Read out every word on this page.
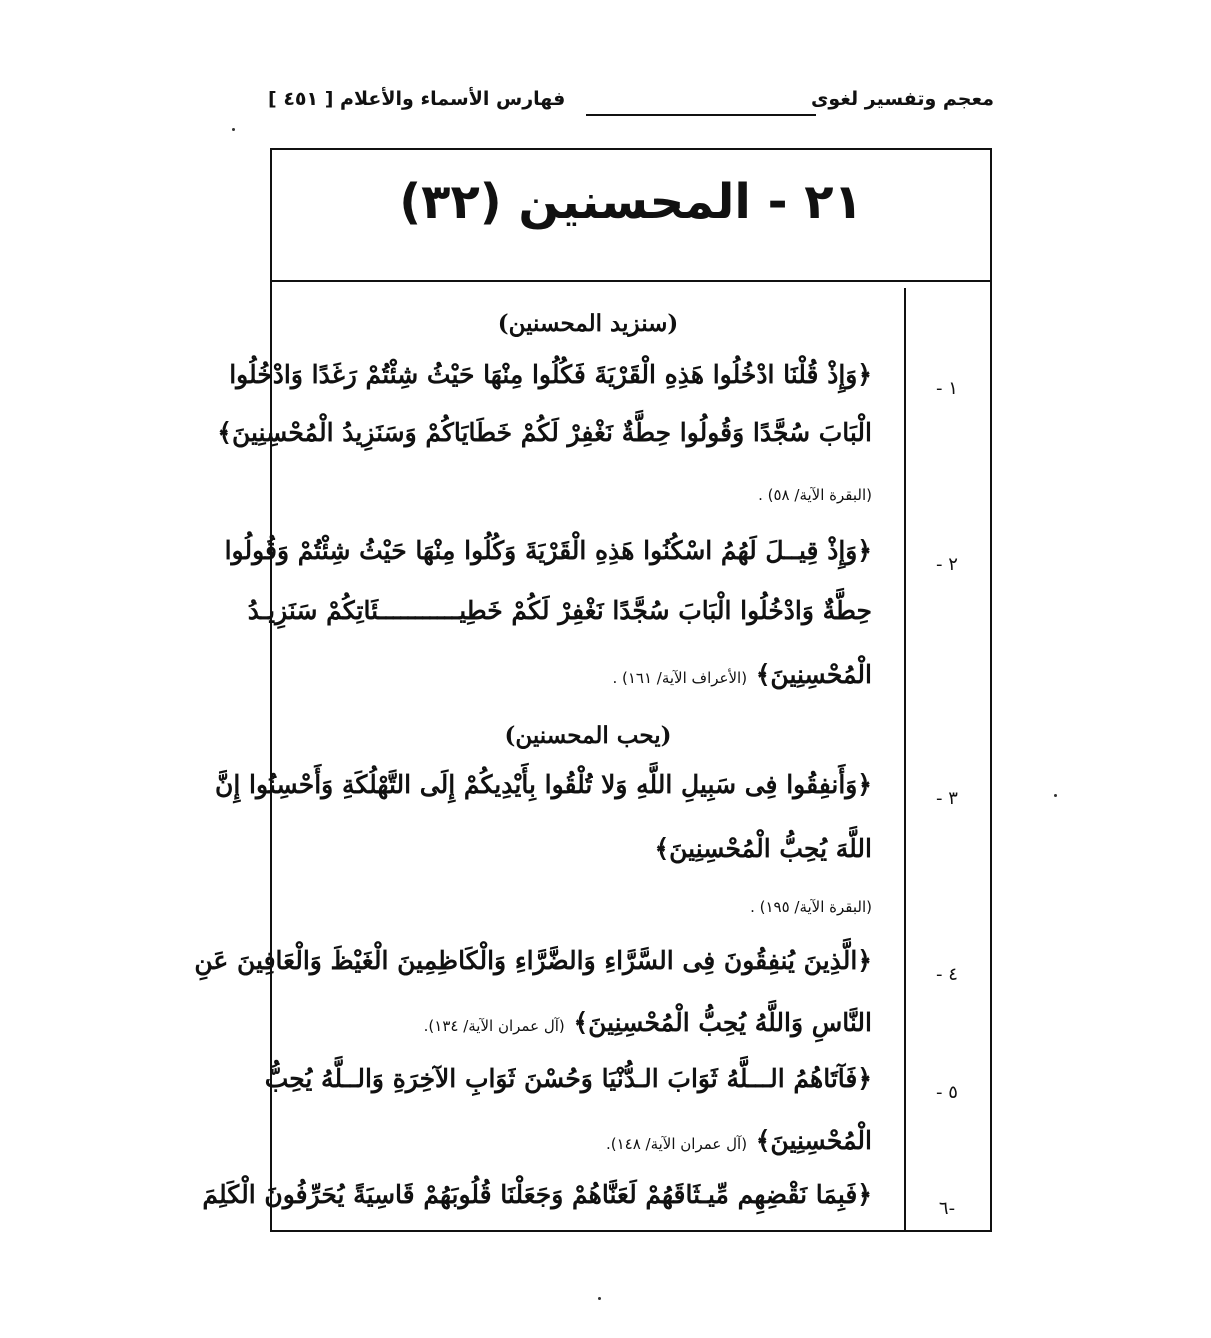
معجم وتفسير لغوى
فهارس الأسماء والأعلام [ ٤٥١ ]
٢١ - المحسنين (٣٢)
(سنزيد المحسنين)
١ -
﴿وَإِذْ قُلْنَا ادْخُلُوا هَذِهِ الْقَرْيَةَ فَكُلُوا مِنْهَا حَيْثُ شِئْتُمْ رَغَدًا وَادْخُلُوا
الْبَابَ سُجَّدًا وَقُولُوا حِطَّةٌ نَغْفِرْ لَكُمْ خَطَايَاكُمْ وَسَنَزِيدُ الْمُحْسِنِينَ﴾
(البقرة الآية/ ٥٨) .
٢ -
﴿وَإِذْ قِيــلَ لَهُمُ اسْكُنُوا هَذِهِ الْقَرْيَةَ وَكُلُوا مِنْهَا حَيْثُ شِئْتُمْ وَقُولُوا
حِطَّةٌ وَادْخُلُوا الْبَابَ سُجَّدًا نَغْفِرْ لَكُمْ خَطِيـــــــــــئَاتِكُمْ سَنَزِيـدُ
الْمُحْسِنِينَ﴾ (الأعراف الآية/ ١٦١) .
(يحب المحسنين)
٣ -
﴿وَأَنفِقُوا فِى سَبِيلِ اللَّهِ وَلا تُلْقُوا بِأَيْدِيكُمْ إِلَى التَّهْلُكَةِ وَأَحْسِنُوا إِنَّ
اللَّهَ يُحِبُّ الْمُحْسِنِينَ﴾
(البقرة الآية/ ١٩٥) .
٤ -
﴿الَّذِينَ يُنفِقُونَ فِى السَّرَّاءِ وَالضَّرَّاءِ وَالْكَاظِمِينَ الْغَيْظَ وَالْعَافِينَ عَنِ
النَّاسِ وَاللَّهُ يُحِبُّ الْمُحْسِنِينَ﴾ (آل عمران الآية/ ١٣٤).
٥ -
﴿فَآتَاهُمُ الـــلَّهُ ثَوَابَ الـدُّنْيَا وَحُسْنَ ثَوَابِ الآخِرَةِ وَالــلَّهُ يُحِبُّ
الْمُحْسِنِينَ﴾ (آل عمران الآية/ ١٤٨).
-٦
﴿فَبِمَا نَقْضِهِم مِّيـثَاقَهُمْ لَعَنَّاهُمْ وَجَعَلْنَا قُلُوبَهُمْ قَاسِيَةً يُحَرِّفُونَ الْكَلِمَ
